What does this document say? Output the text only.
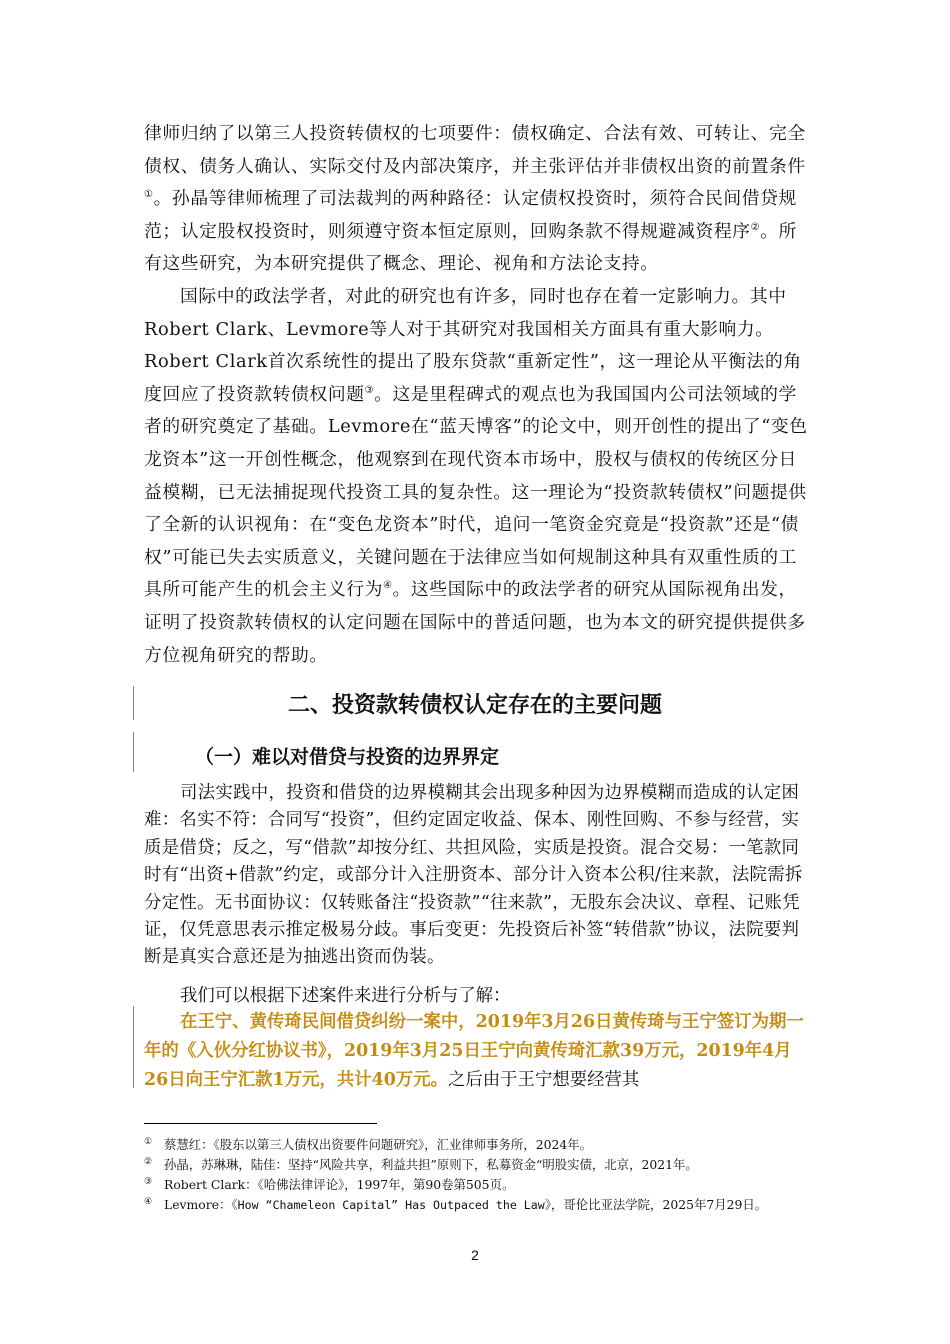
律师归纳了以第三人投资转债权的七项要件：债权确定、合法有效、可转让、完全债权、债务人确认、实际交付及内部决策序，并主张评估并非债权出资的前置条件①。孙晶等律师梳理了司法裁判的两种路径：认定债权投资时，须符合民间借贷规范；认定股权投资时，则须遵守资本恒定原则，回购条款不得规避减资程序②。所有这些研究，为本研究提供了概念、理论、视角和方法论支持。

国际中的政法学者，对此的研究也有许多，同时也存在着一定影响力。其中Robert Clark、Levmore等人对于其研究对我国相关方面具有重大影响力。Robert Clark首次系统性的提出了股东贷款“重新定性”，这一理论从平衡法的角度回应了投资款转债权问题③。这是里程碑式的观点也为我国国内公司法领域的学者的研究奠定了基础。Levmore在“蓝天博客”的论文中，则开创性的提出了“变色龙资本”这一开创性概念，他观察到在现代资本市场中，股权与债权的传统区分日益模糊，已无法捕捉现代投资工具的复杂性。这一理论为“投资款转债权”问题提供了全新的认识视角：在“变色龙资本”时代，追问一笔资金究竟是“投资款”还是“债权”可能已失去实质意义，关键问题在于法律应当如何规制这种具有双重性质的工具所可能产生的机会主义行为④。这些国际中的政法学者的研究从国际视角出发，证明了投资款转债权的认定问题在国际中的普适问题，也为本文的研究提供提供多方位视角研究的帮助。

二、投资款转债权认定存在的主要问题
（一）难以对借贷与投资的边界界定

司法实践中，投资和借贷的边界模糊其会出现多种因为边界模糊而造成的认定困难：名实不符：合同写“投资”，但约定固定收益、保本、刚性回购、不参与经营，实质是借贷；反之，写“借款”却按分红、共担风险，实质是投资。混合交易：一笔款同时有“出资+借款”约定，或部分计入注册资本、部分计入资本公积/往来款，法院需拆分定性。无书面协议：仅转账备注“投资款”“往来款”，无股东会决议、章程、记账凭证，仅凭意思表示推定极易分歧。事后变更：先投资后补签“转借款”协议，法院要判断是真实合意还是为抽逃出资而伪装。

我们可以根据下述案件来进行分析与了解：

在王宁、黄传琦民间借贷纠纷一案中，2019年3月26日黄传琦与王宁签订为期一年的《入伙分红协议书》，2019年3月25日王宁向黄传琦汇款39万元，2019年4月26日向王宁汇款1万元，共计40万元。之后由于王宁想要经营其

① 蔡慧红：《股东以第三人债权出资要件问题研究》，汇业律师事务所，2024年。

② 孙晶，苏琳琳，陆佳：坚持“风险共享，利益共担”原则下，私募资金“明股实债，北京，2021年。

③ Robert Clark：《哈佛法律评论》，1997年，第90卷第505页。

④ Levmore：《How “Chameleon Capital” Has Outpaced the Law》，哥伦比亚法学院，2025年7月29日。

2
